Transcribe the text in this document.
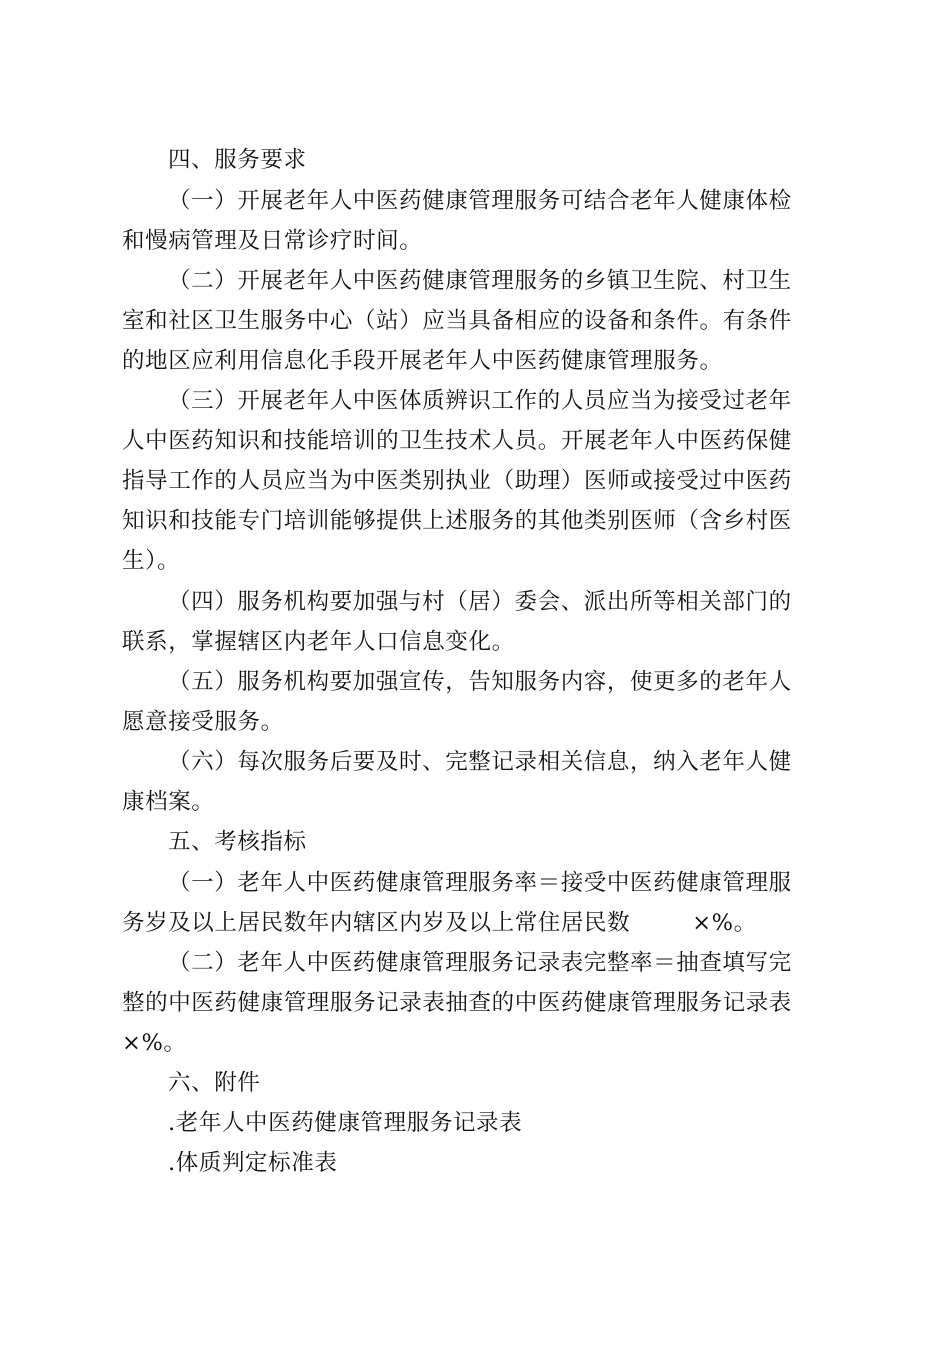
四、服务要求
（一）开展老年人中医药健康管理服务可结合老年人健康体检
和慢病管理及日常诊疗时间。
（二）开展老年人中医药健康管理服务的乡镇卫生院、村卫生
室和社区卫生服务中心（站）应当具备相应的设备和条件。有条件
的地区应利用信息化手段开展老年人中医药健康管理服务。
（三）开展老年人中医体质辨识工作的人员应当为接受过老年
人中医药知识和技能培训的卫生技术人员。开展老年人中医药保健
指导工作的人员应当为中医类别执业（助理）医师或接受过中医药
知识和技能专门培训能够提供上述服务的其他类别医师（含乡村医
生）。
（四）服务机构要加强与村（居）委会、派出所等相关部门的
联系，掌握辖区内老年人口信息变化。
（五）服务机构要加强宣传，告知服务内容，使更多的老年人
愿意接受服务。
（六）每次服务后要及时、完整记录相关信息，纳入老年人健
康档案。
五、考核指标
（一）老年人中医药健康管理服务率＝接受中医药健康管理服
务岁及以上居民数年内辖区内岁及以上常住居民数        ×%。
（二）老年人中医药健康管理服务记录表完整率＝抽查填写完
整的中医药健康管理服务记录表抽查的中医药健康管理服务记录表
×%。
六、附件
.老年人中医药健康管理服务记录表
.体质判定标准表
